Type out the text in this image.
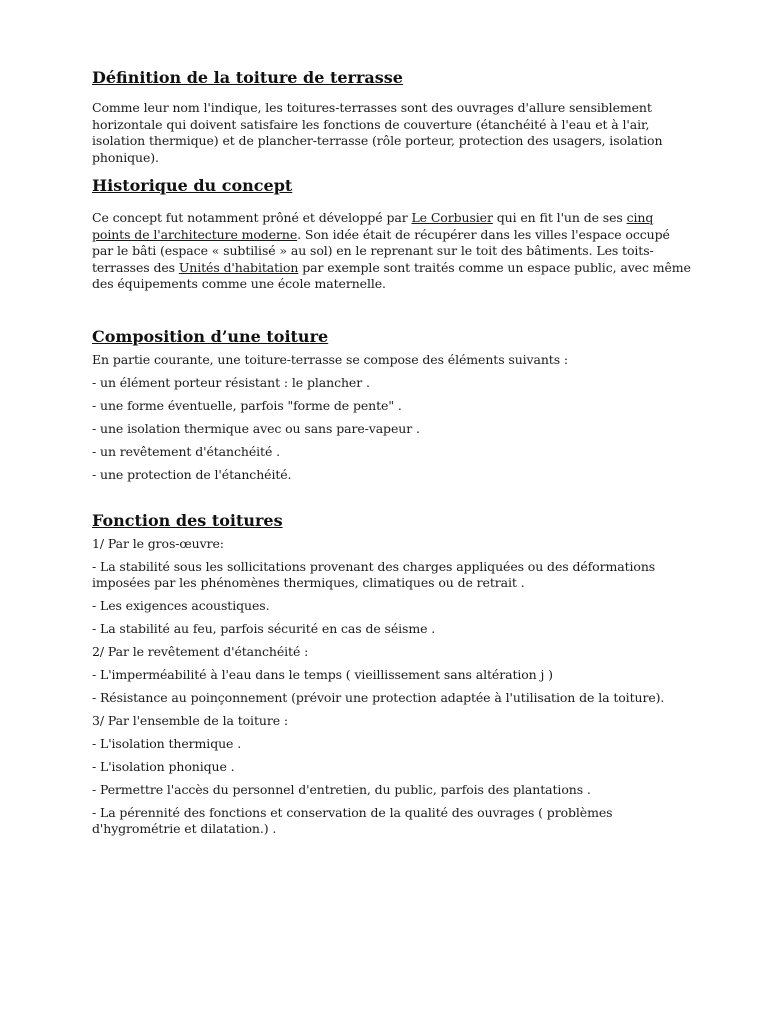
Définition de la toiture de terrasse

Comme leur nom l'indique, les toitures-terrasses sont des ouvrages d'allure sensiblement horizontale qui doivent satisfaire les fonctions de couverture (étanchéité à l'eau et à l'air, isolation thermique) et de plancher-terrasse (rôle porteur, protection des usagers, isolation phonique).

Historique du concept

Ce concept fut notamment prôné et développé par Le Corbusier qui en fit l'un de ses cinq points de l'architecture moderne. Son idée était de récupérer dans les villes l'espace occupé par le bâti (espace « subtilisé » au sol) en le reprenant sur le toit des bâtiments. Les toits-terrasses des Unités d'habitation par exemple sont traités comme un espace public, avec même des équipements comme une école maternelle.

Composition d’une toiture

En partie courante, une toiture-terrasse se compose des éléments suivants :

- un élément porteur résistant : le plancher .

- une forme éventuelle, parfois "forme de pente" .

- une isolation thermique avec ou sans pare-vapeur .

- un revêtement d'étanchéité .

- une protection de l'étanchéité.

Fonction des toitures

1/ Par le gros-œuvre:

- La stabilité sous les sollicitations provenant des charges appliquées ou des déformations imposées par les phénomènes thermiques, climatiques ou de retrait .

- Les exigences acoustiques.

- La stabilité au feu, parfois sécurité en cas de séisme .

2/ Par le revêtement d'étanchéité :

- L'imperméabilité à l'eau dans le temps ( vieillissement sans altération j )

- Résistance au poinçonnement (prévoir une protection adaptée à l'utilisation de la toiture).

3/ Par l'ensemble de la toiture :

- L'isolation thermique .

- L'isolation phonique .

- Permettre l'accès du personnel d'entretien, du public, parfois des plantations .

- La pérennité des fonctions et conservation de la qualité des ouvrages ( problèmes d'hygrométrie et dilatation.) .
